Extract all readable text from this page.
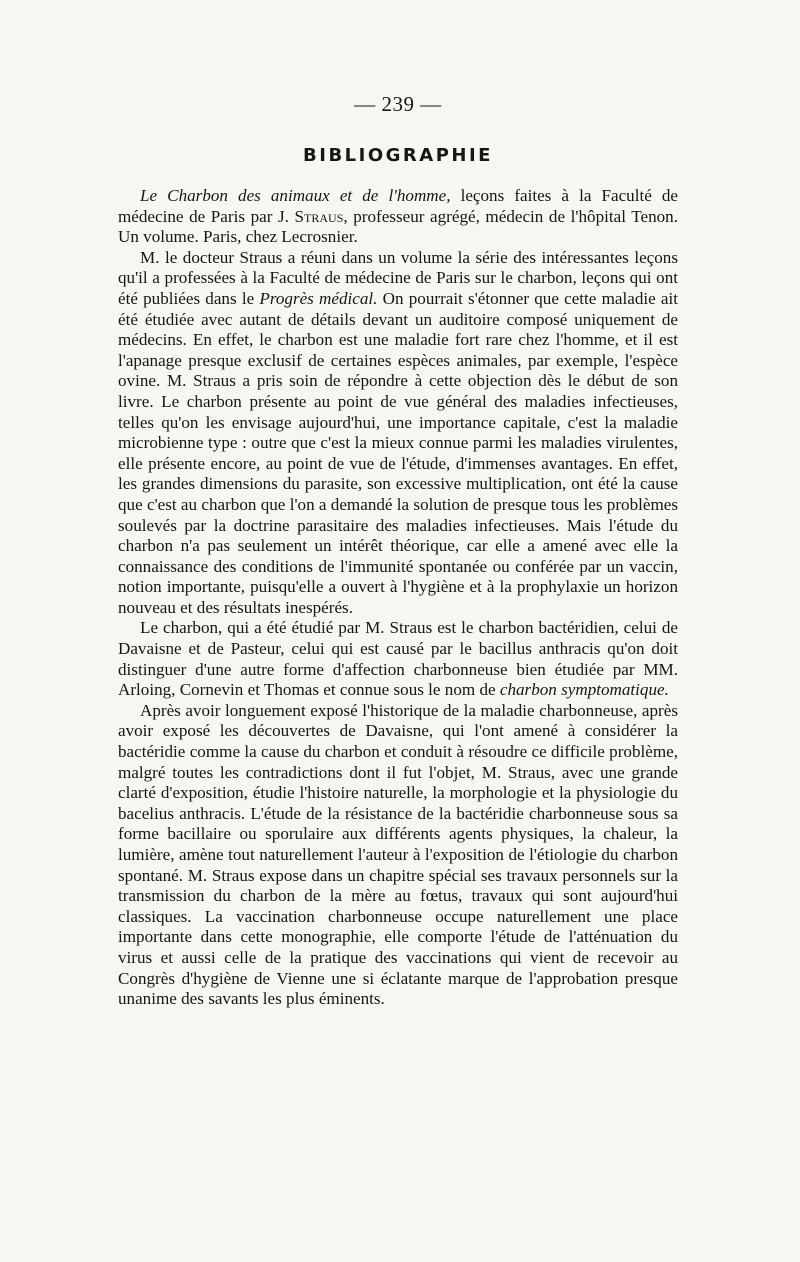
— 239 —
BIBLIOGRAPHIE

Le Charbon des animaux et de l'homme, leçons faites à la Faculté de médecine de Paris par J. Straus, professeur agrégé, médecin de l'hôpital Tenon. Un volume. Paris, chez Lecrosnier.

M. le docteur Straus a réuni dans un volume la série des intéressantes leçons qu'il a professées à la Faculté de médecine de Paris sur le charbon, leçons qui ont été publiées dans le Progrès médical. On pourrait s'étonner que cette maladie ait été étudiée avec autant de détails devant un auditoire composé uniquement de médecins. En effet, le charbon est une maladie fort rare chez l'homme, et il est l'apanage presque exclusif de certaines espèces animales, par exemple, l'espèce ovine. M. Straus a pris soin de répondre à cette objection dès le début de son livre. Le charbon présente au point de vue général des maladies infectieuses, telles qu'on les envisage aujourd'hui, une importance capitale, c'est la maladie microbienne type : outre que c'est la mieux connue parmi les maladies virulentes, elle présente encore, au point de vue de l'étude, d'immenses avantages. En effet, les grandes dimensions du parasite, son excessive multiplication, ont été la cause que c'est au charbon que l'on a demandé la solution de presque tous les problèmes soulevés par la doctrine parasitaire des maladies infectieuses. Mais l'étude du charbon n'a pas seulement un intérêt théorique, car elle a amené avec elle la connaissance des conditions de l'immunité spontanée ou conférée par un vaccin, notion importante, puisqu'elle a ouvert à l'hygiène et à la prophylaxie un horizon nouveau et des résultats inespérés.

Le charbon, qui a été étudié par M. Straus est le charbon bactéridien, celui de Davaisne et de Pasteur, celui qui est causé par le bacillus anthracis qu'on doit distinguer d'une autre forme d'affection charbonneuse bien étudiée par MM. Arloing, Cornevin et Thomas et connue sous le nom de charbon symptomatique.

Après avoir longuement exposé l'historique de la maladie charbonneuse, après avoir exposé les découvertes de Davaisne, qui l'ont amené à considérer la bactéridie comme la cause du charbon et conduit à résoudre ce difficile problème, malgré toutes les contradictions dont il fut l'objet, M. Straus, avec une grande clarté d'exposition, étudie l'histoire naturelle, la morphologie et la physiologie du bacelius anthracis. L'étude de la résistance de la bactéridie charbonneuse sous sa forme bacillaire ou sporulaire aux différents agents physiques, la chaleur, la lumière, amène tout naturellement l'auteur à l'exposition de l'étiologie du charbon spontané. M. Straus expose dans un chapitre spécial ses travaux personnels sur la transmission du charbon de la mère au fœtus, travaux qui sont aujourd'hui classiques. La vaccination charbonneuse occupe naturellement une place importante dans cette monographie, elle comporte l'étude de l'atténuation du virus et aussi celle de la pratique des vaccinations qui vient de recevoir au Congrès d'hygiène de Vienne une si éclatante marque de l'approbation presque unanime des savants les plus éminents.
